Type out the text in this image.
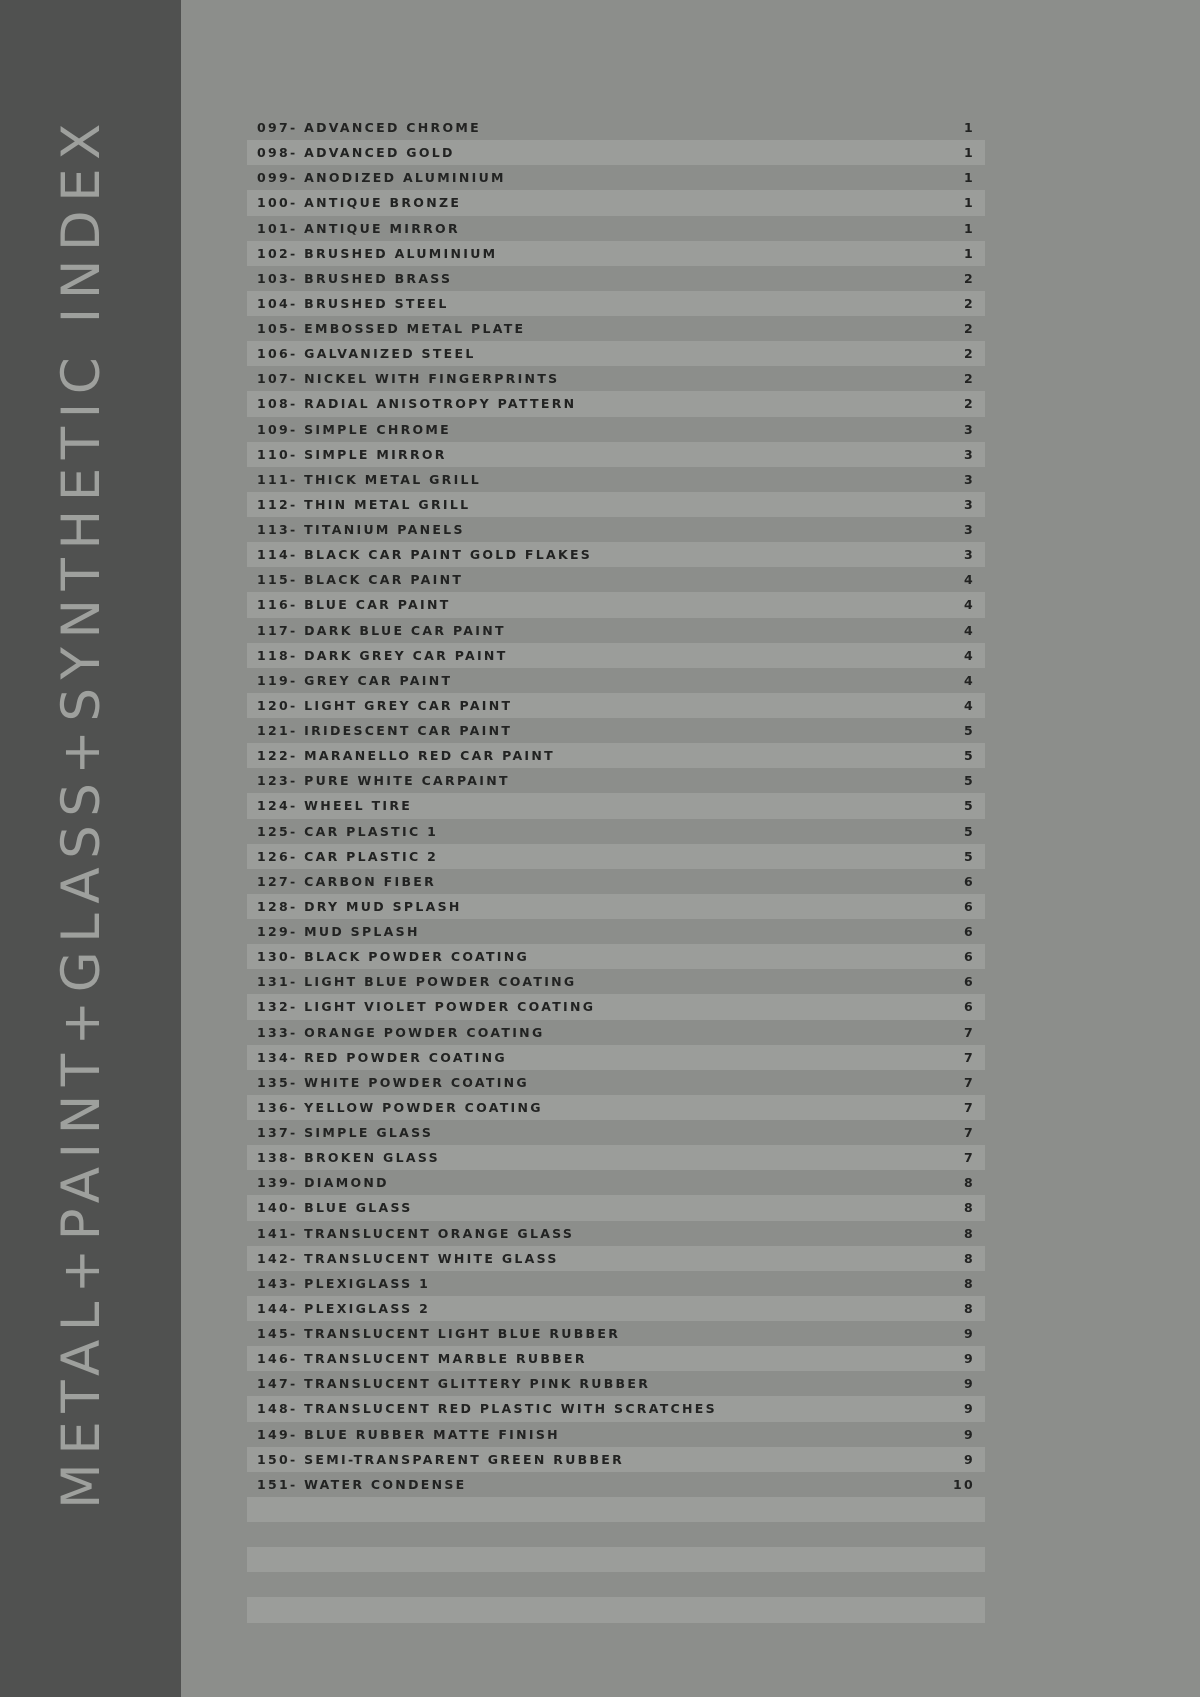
METAL+PAINT+GLASS+SYNTHETIC INDEX	097- ADVANCED CHROME	1
098- ADVANCED GOLD	1
099- ANODIZED ALUMINIUM	1
100- ANTIQUE BRONZE	1
101- ANTIQUE MIRROR	1
102- BRUSHED ALUMINIUM	1
103- BRUSHED BRASS	2
104- BRUSHED STEEL	2
105- EMBOSSED METAL PLATE	2
106- GALVANIZED STEEL	2
107- NICKEL WITH FINGERPRINTS	2
108- RADIAL ANISOTROPY PATTERN	2
109- SIMPLE CHROME	3
110- SIMPLE MIRROR	3
111- THICK METAL GRILL	3
112- THIN METAL GRILL	3
113- TITANIUM PANELS	3
114- BLACK CAR PAINT GOLD FLAKES	3
115- BLACK CAR PAINT	4
116- BLUE CAR PAINT	4
117- DARK BLUE CAR PAINT	4
118- DARK GREY CAR PAINT	4
119- GREY CAR PAINT	4
120- LIGHT GREY CAR PAINT	4
121- IRIDESCENT CAR PAINT	5
122- MARANELLO RED CAR PAINT	5
123- PURE WHITE CARPAINT	5
124- WHEEL TIRE	5
125- CAR PLASTIC 1	5
126- CAR PLASTIC 2	5
127- CARBON FIBER	6
128- DRY MUD SPLASH	6
129- MUD SPLASH	6
130- BLACK POWDER COATING	6
131- LIGHT BLUE POWDER COATING	6
132- LIGHT VIOLET POWDER COATING	6
133- ORANGE POWDER COATING	7
134- RED POWDER COATING	7
135- WHITE POWDER COATING	7
136- YELLOW POWDER COATING	7
137- SIMPLE GLASS	7
138- BROKEN GLASS	7
139- DIAMOND	8
140- BLUE GLASS	8
141- TRANSLUCENT ORANGE GLASS	8
142- TRANSLUCENT WHITE GLASS	8
143- PLEXIGLASS 1	8
144- PLEXIGLASS 2	8
145- TRANSLUCENT LIGHT BLUE RUBBER	9
146- TRANSLUCENT MARBLE RUBBER	9
147- TRANSLUCENT GLITTERY PINK RUBBER	9
148- TRANSLUCENT RED PLASTIC WITH SCRATCHES	9
149- BLUE RUBBER MATTE FINISH	9
150- SEMI-TRANSPARENT GREEN RUBBER	9
151- WATER CONDENSE	10
